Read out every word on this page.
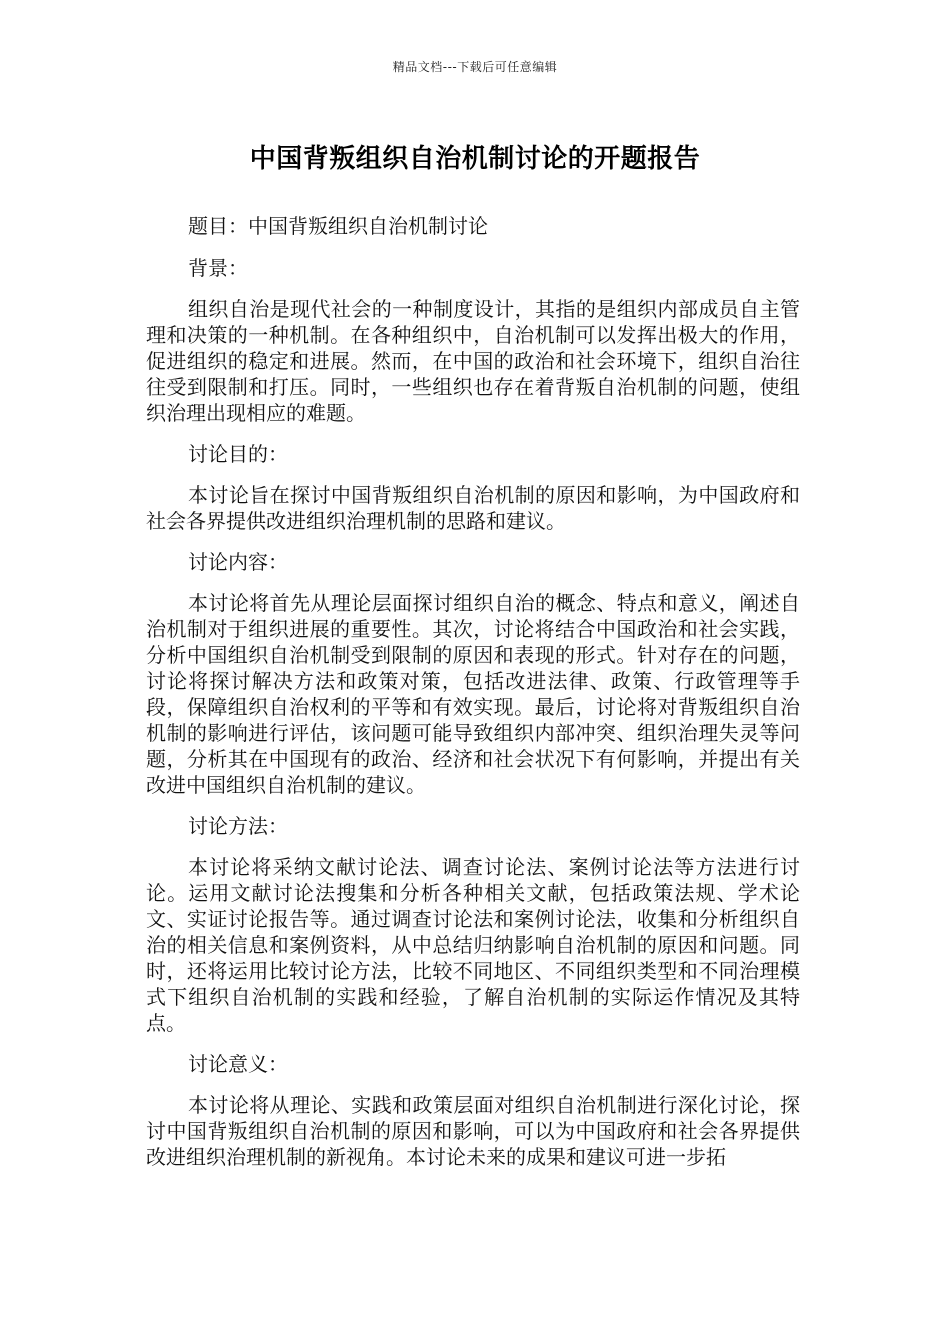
精品文档---下载后可任意编辑
中国背叛组织自治机制讨论的开题报告

题目：中国背叛组织自治机制讨论

背景：

组织自治是现代社会的一种制度设计，其指的是组织内部成员自主管理和决策的一种机制。在各种组织中，自治机制可以发挥出极大的作用，促进组织的稳定和进展。然而，在中国的政治和社会环境下，组织自治往往受到限制和打压。同时，一些组织也存在着背叛自治机制的问题，使组织治理出现相应的难题。

讨论目的：

本讨论旨在探讨中国背叛组织自治机制的原因和影响，为中国政府和社会各界提供改进组织治理机制的思路和建议。

讨论内容：

本讨论将首先从理论层面探讨组织自治的概念、特点和意义，阐述自治机制对于组织进展的重要性。其次，讨论将结合中国政治和社会实践，分析中国组织自治机制受到限制的原因和表现的形式。针对存在的问题，讨论将探讨解决方法和政策对策，包括改进法律、政策、行政管理等手段，保障组织自治权利的平等和有效实现。最后，讨论将对背叛组织自治机制的影响进行评估，该问题可能导致组织内部冲突、组织治理失灵等问题，分析其在中国现有的政治、经济和社会状况下有何影响，并提出有关改进中国组织自治机制的建议。

讨论方法：

本讨论将采纳文献讨论法、调查讨论法、案例讨论法等方法进行讨论。运用文献讨论法搜集和分析各种相关文献，包括政策法规、学术论文、实证讨论报告等。通过调查讨论法和案例讨论法，收集和分析组织自治的相关信息和案例资料，从中总结归纳影响自治机制的原因和问题。同时，还将运用比较讨论方法，比较不同地区、不同组织类型和不同治理模式下组织自治机制的实践和经验，了解自治机制的实际运作情况及其特点。

讨论意义：

本讨论将从理论、实践和政策层面对组织自治机制进行深化讨论，探讨中国背叛组织自治机制的原因和影响，可以为中国政府和社会各界提供改进组织治理机制的新视角。本讨论未来的成果和建议可进一步拓
